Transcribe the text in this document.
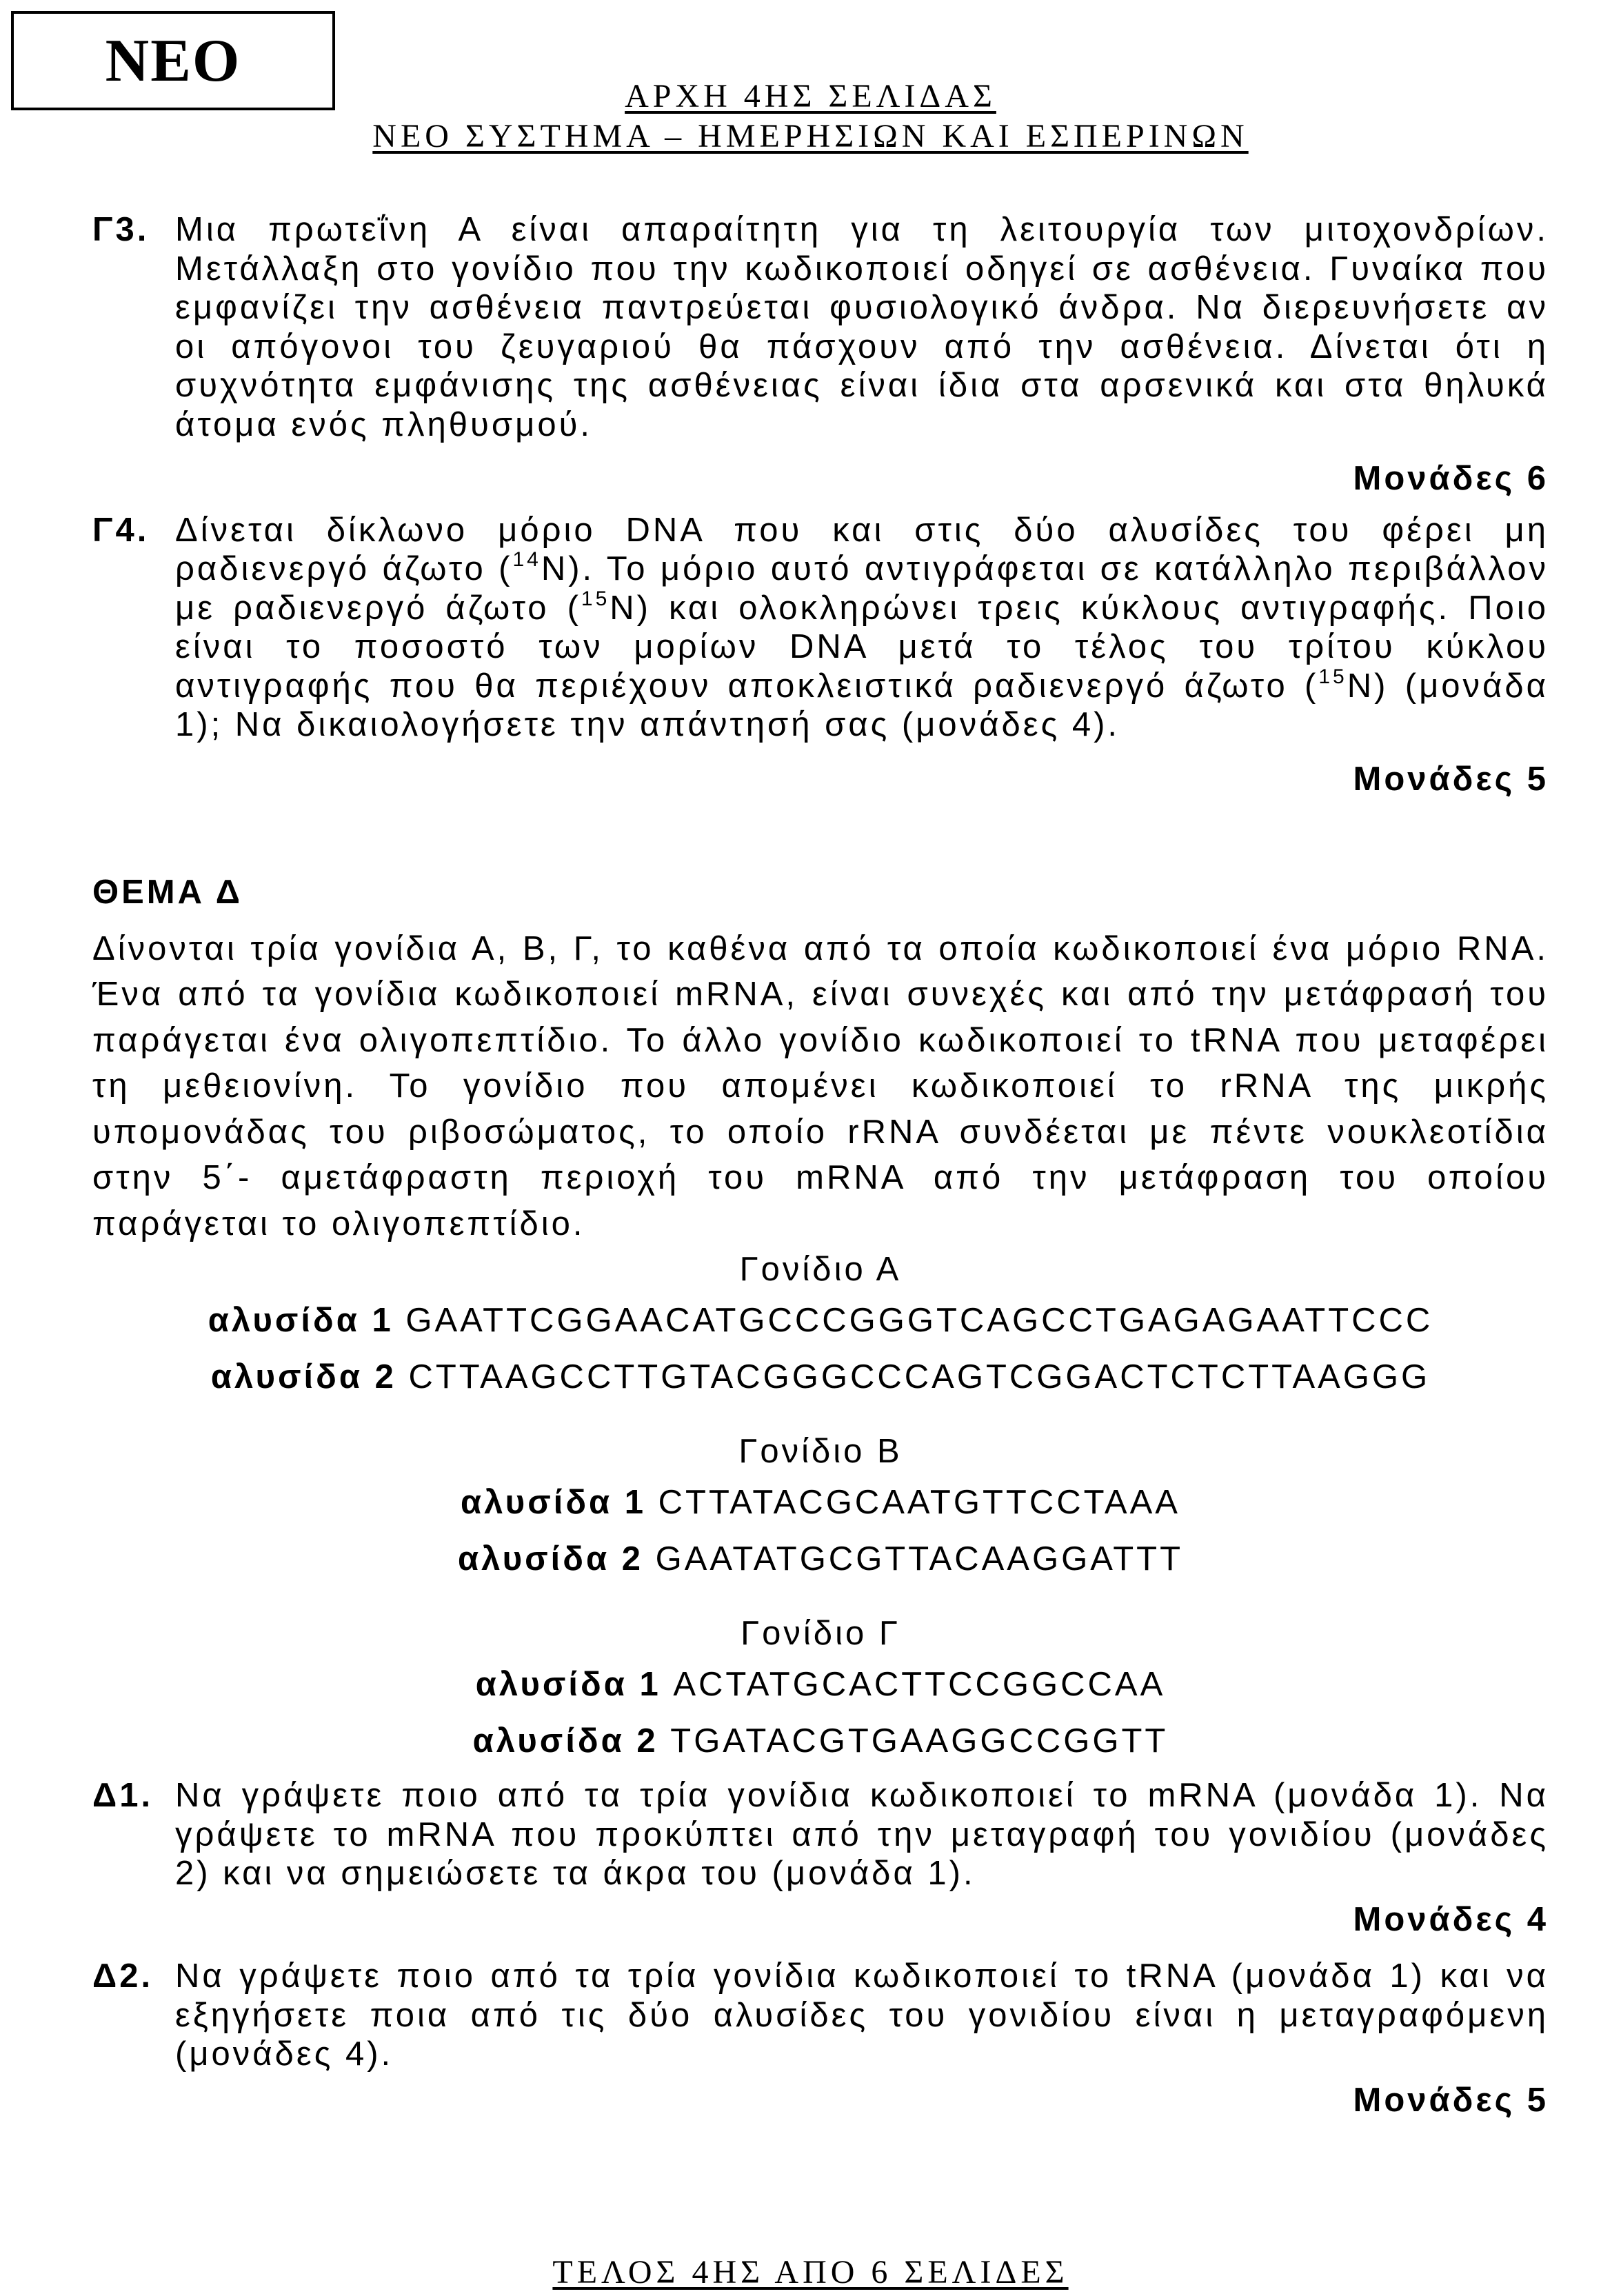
ΝΕΟ
ΑΡΧΗ 4ΗΣ ΣΕΛΙΔΑΣ
ΝΕΟ ΣΥΣΤΗΜΑ – ΗΜΕΡΗΣΙΩΝ ΚΑΙ ΕΣΠΕΡΙΝΩΝ
Γ3. Μια πρωτεΐνη Α είναι απαραίτητη για τη λειτουργία των μιτοχονδρίων. Μετάλλαξη στο γονίδιο που την κωδικοποιεί οδηγεί σε ασθένεια. Γυναίκα που εμφανίζει την ασθένεια παντρεύεται φυσιολογικό άνδρα. Να διερευνήσετε αν οι απόγονοι του ζευγαριού θα πάσχουν από την ασθένεια. Δίνεται ότι η συχνότητα εμφάνισης της ασθένειας είναι ίδια στα αρσενικά και στα θηλυκά άτομα ενός πληθυσμού.
Μονάδες 6
Γ4. Δίνεται δίκλωνο μόριο DNA που και στις δύο αλυσίδες του φέρει μη ραδιενεργό άζωτο ($^{14}$N). Το μόριο αυτό αντιγράφεται σε κατάλληλο περιβάλλον με ραδιενεργό άζωτο ($^{15}$N) και ολοκληρώνει τρεις κύκλους αντιγραφής. Ποιο είναι το ποσοστό των μορίων DNA μετά το τέλος του τρίτου κύκλου αντιγραφής που θα περιέχουν αποκλειστικά ραδιενεργό άζωτο ($^{15}$N) (μονάδα 1); Να δικαιολογήσετε την απάντησή σας (μονάδες 4).
Μονάδες 5
ΘΕΜΑ Δ
Δίνονται τρία γονίδια Α, Β, Γ, το καθένα από τα οποία κωδικοποιεί ένα μόριο RNA. Ένα από τα γονίδια κωδικοποιεί mRNA, είναι συνεχές και από την μετάφρασή του παράγεται ένα ολιγοπεπτίδιο. Το άλλο γονίδιο κωδικοποιεί το tRNA που μεταφέρει τη μεθειονίνη. Το γονίδιο που απομένει κωδικοποιεί το rRNA της μικρής υπομονάδας του ριβοσώματος, το οποίο rRNA συνδέεται με πέντε νουκλεοτίδια στην 5΄- αμετάφραστη περιοχή του mRNA από την μετάφραση του οποίου παράγεται το ολιγοπεπτίδιο.
Γονίδιο Α
αλυσίδα 1 GAATTCGGAACATGCCCGGGTCAGCCTGAGAGAATTCCC
αλυσίδα 2 CTTAAGCCTTGTACGGGCCCAGTCGGACTCTCTTAAGGG
Γονίδιο Β
αλυσίδα 1 CTTATACGCAATGTTCCTAAA
αλυσίδα 2 GAATATGCGTTACAAGGATTT
Γονίδιο Γ
αλυσίδα 1 ACTATGCACTTCCGGCCAA
αλυσίδα 2 TGATACGTGAAGGCCGGTT
Δ1. Να γράψετε ποιο από τα τρία γονίδια κωδικοποιεί το mRNA (μονάδα 1). Να γράψετε το mRNA που προκύπτει από την μεταγραφή του γονιδίου (μονάδες 2) και να σημειώσετε τα άκρα του (μονάδα 1).
Μονάδες 4
Δ2. Να γράψετε ποιο από τα τρία γονίδια κωδικοποιεί το tRNA (μονάδα 1) και να εξηγήσετε ποια από τις δύο αλυσίδες του γονιδίου είναι η μεταγραφόμενη (μονάδες 4).
Μονάδες 5
ΤΕΛΟΣ 4ΗΣ ΑΠΟ 6 ΣΕΛΙΔΕΣ
